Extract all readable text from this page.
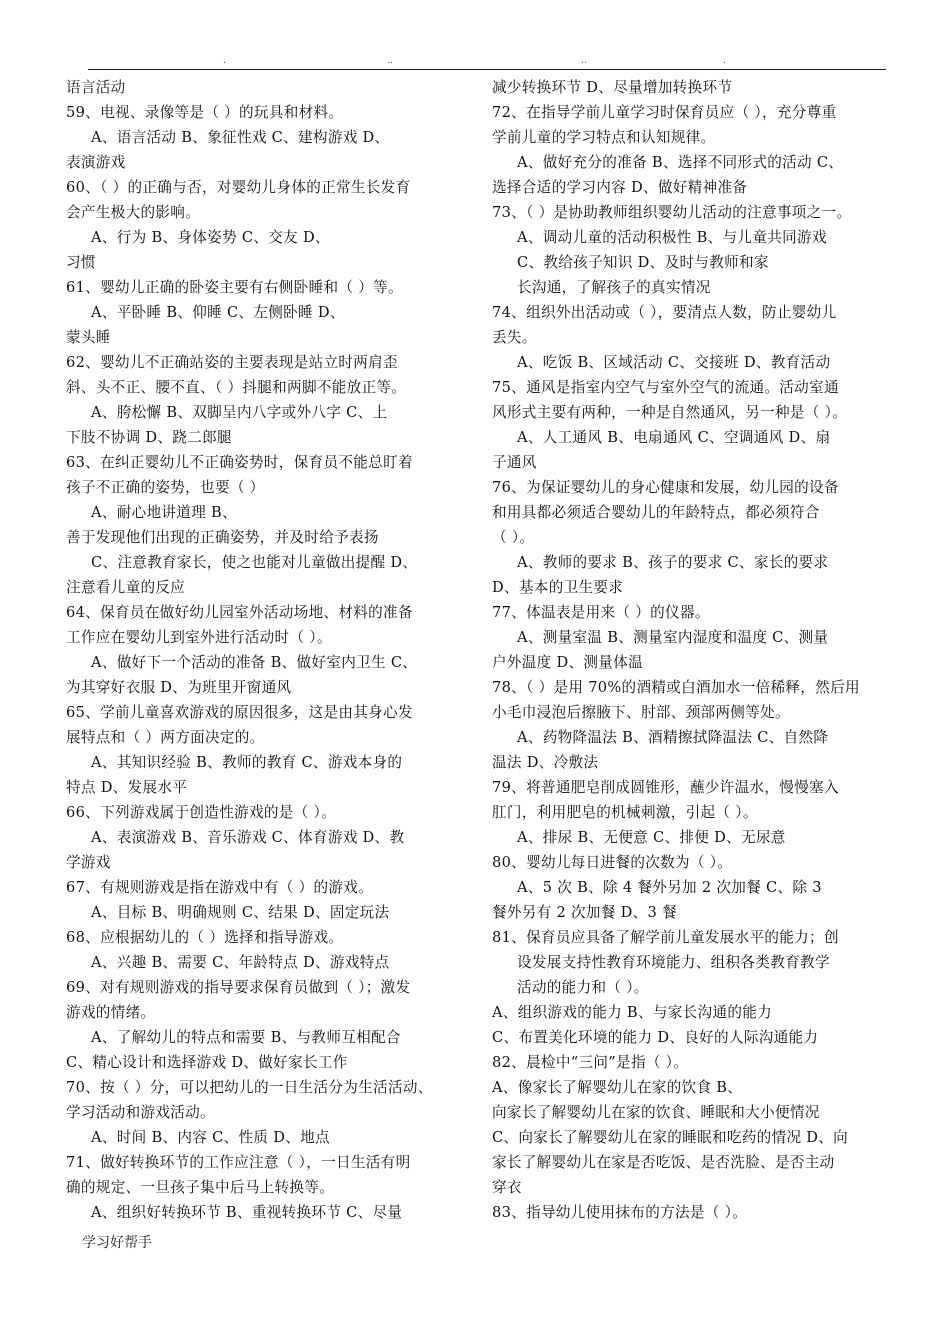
.	..	..	.
语言活动
59、电视、录像等是（ ）的玩具和材料。
A、语言活动 B、象征性戏 C、建构游戏 D、
表演游戏
60、（ ）的正确与否，对婴幼儿身体的正常生长发育
会产生极大的影响。
A、行为 B、身体姿势 C、交友 D、
习惯
61、婴幼儿正确的卧姿主要有右侧卧睡和（ ）等。
A、平卧睡 B、仰睡 C、左侧卧睡 D、
蒙头睡
62、婴幼儿不正确站姿的主要表现是站立时两肩歪
斜、头不正、腰不直、（ ）抖腿和两脚不能放正等。
A、胯松懈 B、双脚呈内八字或外八字 C、上
下肢不协调 D、跷二郎腿
63、在纠正婴幼儿不正确姿势时，保育员不能总盯着
孩子不正确的姿势，也要（ ）
A、耐心地讲道理 B、
善于发现他们出现的正确姿势，并及时给予表扬
C、注意教育家长，使之也能对儿童做出提醒 D、
注意看儿童的反应
64、保育员在做好幼儿园室外活动场地、材料的准备
工作应在婴幼儿到室外进行活动时（ ）。
A、做好下一个活动的准备 B、做好室内卫生 C、
为其穿好衣服 D、为班里开窗通风
65、学前儿童喜欢游戏的原因很多，这是由其身心发
展特点和（ ）两方面决定的。
A、其知识经验 B、教师的教育 C、游戏本身的
特点 D、发展水平
66、下列游戏属于创造性游戏的是（ ）。
A、表演游戏 B、音乐游戏 C、体育游戏 D、教
学游戏
67、有规则游戏是指在游戏中有（ ）的游戏。
A、目标 B、明确规则 C、结果 D、固定玩法
68、应根据幼儿的（ ）选择和指导游戏。
A、兴趣 B、需要 C、年龄特点 D、游戏特点
69、对有规则游戏的指导要求保育员做到（ ）；激发
游戏的情绪。
A、了解幼儿的特点和需要 B、与教师互相配合
C、精心设计和选择游戏 D、做好家长工作
70、按（ ）分，可以把幼儿的一日生活分为生活活动、
学习活动和游戏活动。
A、时间 B、内容 C、性质 D、地点
71、做好转换环节的工作应注意（ ），一日生活有明
确的规定、一旦孩子集中后马上转换等。
A、组织好转换环节 B、重视转换环节 C、尽量
减少转换环节 D、尽量增加转换环节
72、在指导学前儿童学习时保育员应（ ），充分尊重
学前儿童的学习特点和认知规律。
A、做好充分的准备 B、选择不同形式的活动 C、
选择合适的学习内容 D、做好精神准备
73、（ ）是协助教师组织婴幼儿活动的注意事项之一。
A、调动儿童的活动积极性 B、与儿童共同游戏
C、教给孩子知识 D、及时与教师和家
长沟通，了解孩子的真实情况
74、组织外出活动或（ ），要清点人数，防止婴幼儿
丢失。
A、吃饭 B、区域活动 C、交接班 D、教育活动
75、通风是指室内空气与室外空气的流通。活动室通
风形式主要有两种，一种是自然通风，另一种是（ ）。
A、人工通风 B、电扇通风 C、空调通风 D、扇
子通风
76、为保证婴幼儿的身心健康和发展，幼儿园的设备
和用具都必须适合婴幼儿的年龄特点，都必须符合
（ ）。
A、教师的要求 B、孩子的要求 C、家长的要求
D、基本的卫生要求
77、体温表是用来（ ）的仪器。
A、测量室温 B、测量室内湿度和温度 C、测量
户外温度 D、测量体温
78、（ ）是用 70%的酒精或白酒加水一倍稀释，然后用
小毛巾浸泡后擦腋下、肘部、颈部两侧等处。
A、药物降温法 B、酒精擦拭降温法 C、自然降
温法 D、冷敷法
79、将普通肥皂削成圆锥形，蘸少许温水，慢慢塞入
肛门，利用肥皂的机械刺激，引起（ ）。
A、排尿 B、无便意 C、排便 D、无尿意
80、婴幼儿每日进餐的次数为（ ）。
A、5 次 B、除 4 餐外另加 2 次加餐 C、除 3
餐外另有 2 次加餐 D、3 餐
81、保育员应具备了解学前儿童发展水平的能力；创
设发展支持性教育环境能力、组积各类教育教学
活动的能力和（ ）。
A、组织游戏的能力 B、与家长沟通的能力
C、布置美化环境的能力 D、良好的人际沟通能力
82、晨检中“三问”是指（ ）。
A、像家长了解婴幼儿在家的饮食 B、
向家长了解婴幼儿在家的饮食、睡眠和大小便情况
C、向家长了解婴幼儿在家的睡眠和吃药的情况 D、向
家长了解婴幼儿在家是否吃饭、是否洗脸、是否主动
穿衣
83、指导幼儿使用抹布的方法是（ ）。
学习好帮手
